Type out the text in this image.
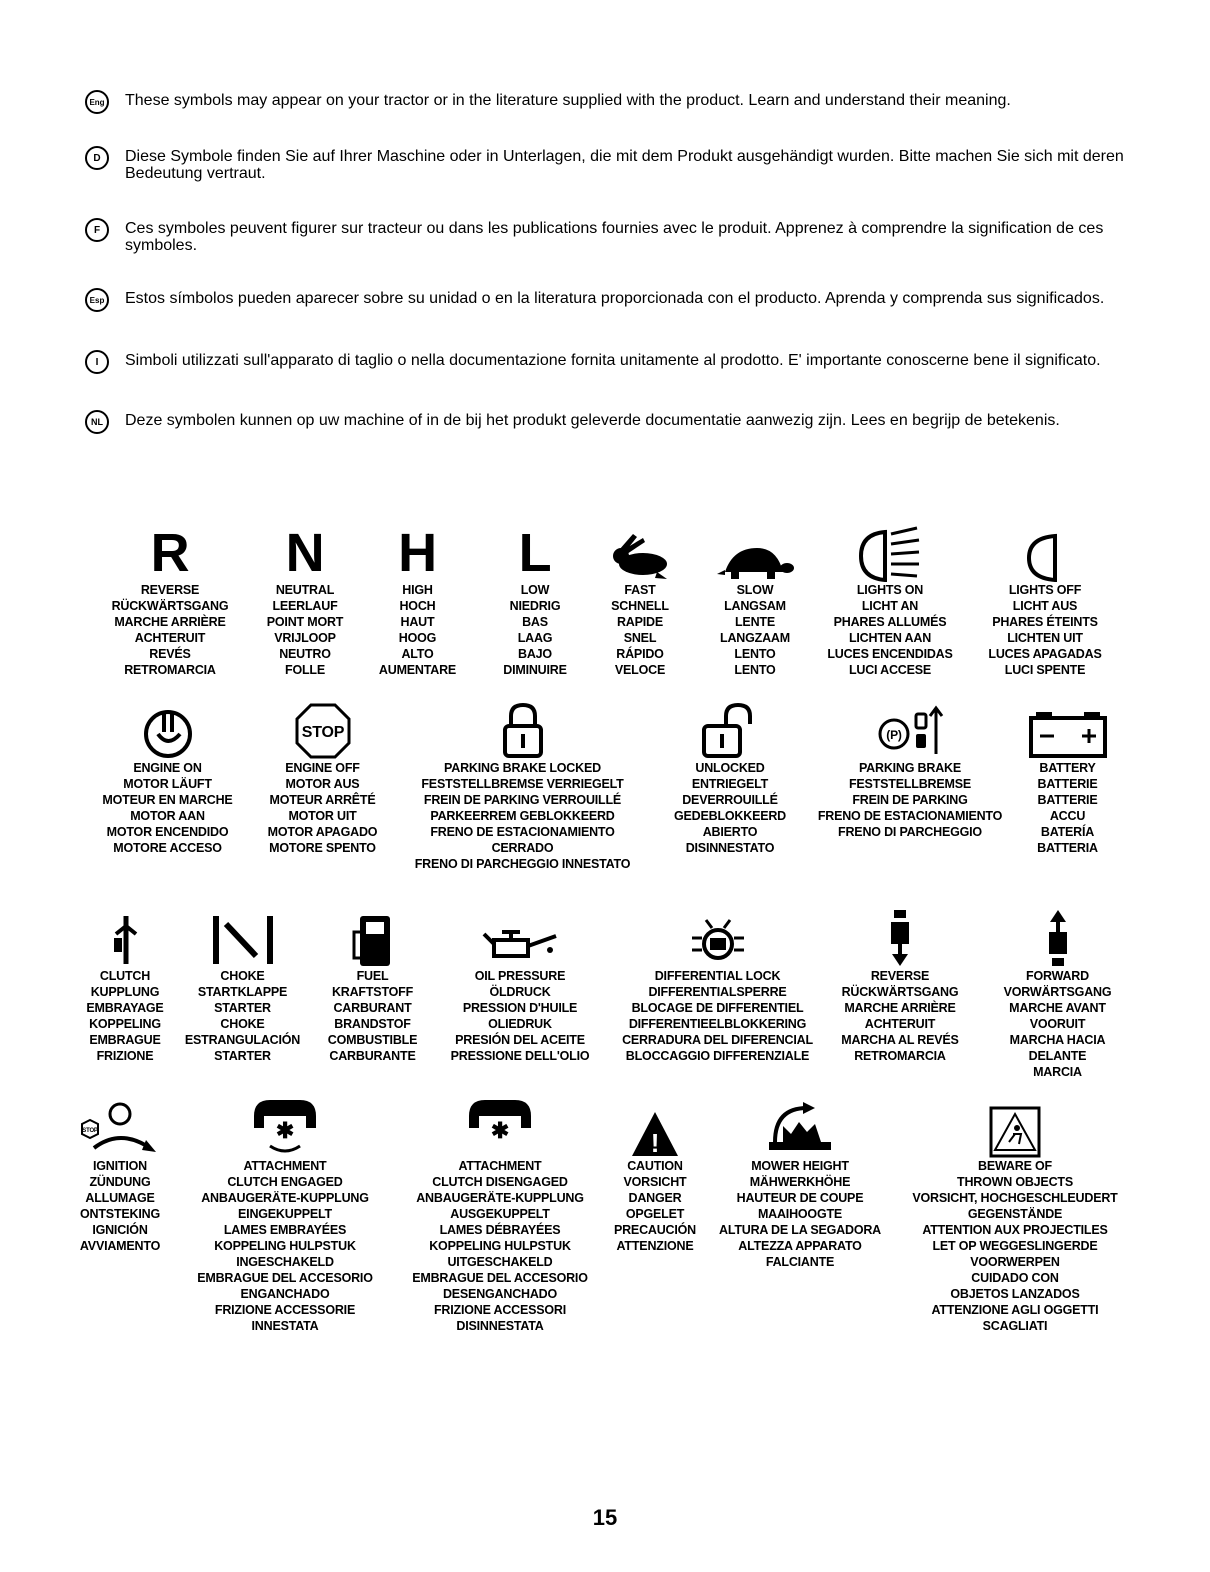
Eng These symbols may appear on your tractor or in the literature supplied with the product. Learn and understand their meaning.
D	Diese Symbole finden Sie auf Ihrer Maschine oder in Unterlagen, die mit dem Produkt ausgehändigt wurden. Bitte machen Sie sich mit deren Bedeutung vertraut.
F	Ces symboles peuvent figurer sur tracteur ou dans les publications fournies avec le produit. Apprenez à comprendre la signification de ces symboles.
Esp Estos símbolos pueden aparecer sobre su unidad o en la literatura proporcionada con el producto. Aprenda y comprenda sus significados.
I	Simboli utilizzati sull'apparato di taglio o nella documentazione fornita unitamente al prodotto. E' importante conoscerne bene il significato.
NL	Deze symbolen kunnen op uw machine of in de bij het produkt geleverde documentatie aanwezig zijn. Lees en begrijp de betekenis.
R
REVERSE
RÜCKWÄRTSGANG
MARCHE ARRIÈRE
ACHTERUIT
REVÉS
RETROMARCIA
N
NEUTRAL
LEERLAUF
POINT MORT
VRIJLOOP
NEUTRO
FOLLE
H
HIGH
HOCH
HAUT
HOOG
ALTO
AUMENTARE
L
LOW
NIEDRIG
BAS
LAAG
BAJO
DIMINUIRE
FAST
SCHNELL
RAPIDE
SNEL
RÁPIDO
VELOCE
SLOW
LANGSAM
LENTE
LANGZAAM
LENTO
LENTO
LIGHTS ON
LICHT AN
PHARES ALLUMÉS
LICHTEN AAN
LUCES ENCENDIDAS
LUCI ACCESE
LIGHTS OFF
LICHT AUS
PHARES ÉTEINTS
LICHTEN UIT
LUCES APAGADAS
LUCI SPENTE
ENGINE ON
MOTOR LÄUFT
MOTEUR EN MARCHE
MOTOR AAN
MOTOR ENCENDIDO
MOTORE ACCESO
STOP
ENGINE OFF
MOTOR AUS
MOTEUR ARRÊTÉ
MOTOR UIT
MOTOR APAGADO
MOTORE SPENTO
PARKING BRAKE LOCKED
FESTSTELLBREMSE VERRIEGELT
FREIN DE PARKING VERROUILLÉ
PARKEERREM GEBLOKKEERD
FRENO DE ESTACIONAMIENTO
CERRADO
FRENO DI PARCHEGGIO INNESTATO
UNLOCKED
ENTRIEGELT
DEVERROUILLÉ
GEDEBLOKKEERD
ABIERTO
DISINNESTATO
(P)
PARKING BRAKE
FESTSTELLBREMSE
FREIN DE PARKING
FRENO DE ESTACIONAMIENTO
FRENO DI PARCHEGGIO
BATTERY
BATTERIE
BATTERIE
ACCU
BATERÍA
BATTERIA
CLUTCH
KUPPLUNG
EMBRAYAGE
KOPPELING
EMBRAGUE
FRIZIONE
CHOKE
STARTKLAPPE
STARTER
CHOKE
ESTRANGULACIÓN
STARTER
FUEL
KRAFTSTOFF
CARBURANT
BRANDSTOF
COMBUSTIBLE
CARBURANTE
OIL PRESSURE
ÖLDRUCK
PRESSION D'HUILE
OLIEDRUK
PRESIÓN DEL ACEITE
PRESSIONE DELL'OLIO
DIFFERENTIAL LOCK
DIFFERENTIALSPERRE
BLOCAGE DE DIFFERENTIEL
DIFFERENTIEELBLOKKERING
CERRADURA DEL DIFERENCIAL
BLOCCAGGIO DIFFERENZIALE
REVERSE
RÜCKWÄRTSGANG
MARCHE ARRIÈRE
ACHTERUIT
MARCHA AL REVÉS
RETROMARCIA
FORWARD
VORWÄRTSGANG
MARCHE AVANT
VOORUIT
MARCHA HACIA
DELANTE
MARCIA
STOP
IGNITION
ZÜNDUNG
ALLUMAGE
ONTSTEKING
IGNICIÓN
AVVIAMENTO
✱
ATTACHMENT
CLUTCH ENGAGED
ANBAUGERÄTE-KUPPLUNG
EINGEKUPPELT
LAMES EMBRAYÉES
KOPPELING HULPSTUK
INGESCHAKELD
EMBRAGUE DEL ACCESORIO
ENGANCHADO
FRIZIONE ACCESSORIE
INNESTATA
✱
ATTACHMENT
CLUTCH DISENGAGED
ANBAUGERÄTE-KUPPLUNG
AUSGEKUPPELT
LAMES DÉBRAYÉES
KOPPELING HULPSTUK
UITGESCHAKELD
EMBRAGUE DEL ACCESORIO
DESENGANCHADO
FRIZIONE ACCESSORI
DISINNESTATA
!
CAUTION
VORSICHT
DANGER
OPGELET
PRECAUCIÓN
ATTENZIONE
MOWER HEIGHT
MÄHWERKHÖHE
HAUTEUR DE COUPE
MAAIHOOGTE
ALTURA DE LA SEGADORA
ALTEZZA APPARATO
FALCIANTE
BEWARE OF
THROWN OBJECTS
VORSICHT, HOCHGESCHLEUDERT
GEGENSTÄNDE
ATTENTION AUX PROJECTILES
LET OP WEGGESLINGERDE
VOORWERPEN
CUIDADO CON
OBJETOS LANZADOS
ATTENZIONE AGLI OGGETTI
SCAGLIATI
15
